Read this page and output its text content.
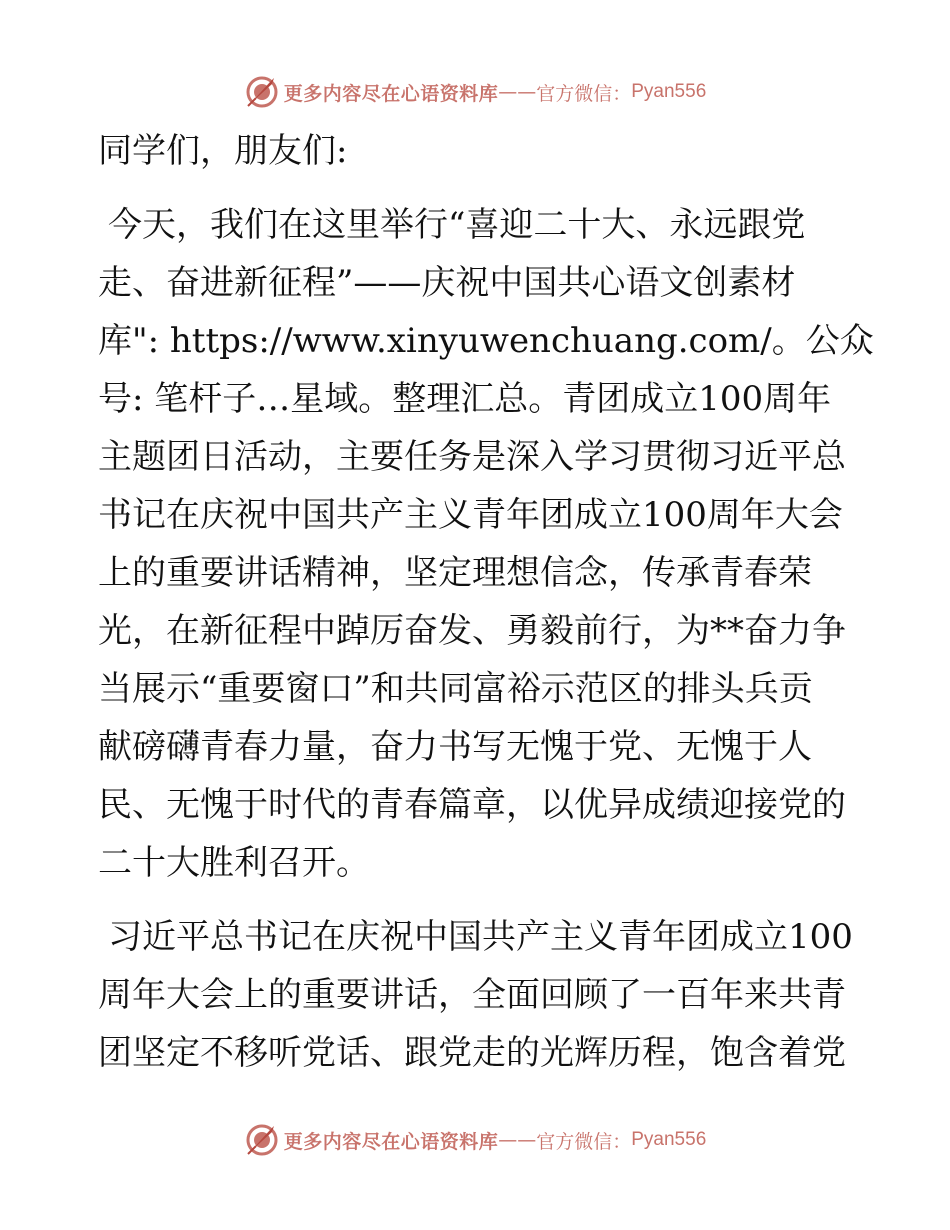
更多内容尽在心语资料库 —— 官方微信： Pyan556

同学们，朋友们:

今天，我们在这里举行“喜迎二十大、永远跟党
走、奋进新征程”——庆祝中国共心语文创素材
库": https://www.xinyuwenchuang.com/。公众
号: 笔杆子…星域。整理汇总。青团成立100周年
主题团日活动，主要任务是深入学习贯彻习近平总
书记在庆祝中国共产主义青年团成立100周年大会
上的重要讲话精神，坚定理想信念，传承青春荣
光，在新征程中踔厉奋发、勇毅前行，为**奋力争
当展示“重要窗口”和共同富裕示范区的排头兵贡
献磅礴青春力量，奋力书写无愧于党、无愧于人
民、无愧于时代的青春篇章，以优异成绩迎接党的
二十大胜利召开。

习近平总书记在庆祝中国共产主义青年团成立100
周年大会上的重要讲话，全面回顾了一百年来共青
团坚定不移听党话、跟党走的光辉历程，饱含着党

更多内容尽在心语资料库 —— 官方微信： Pyan556
